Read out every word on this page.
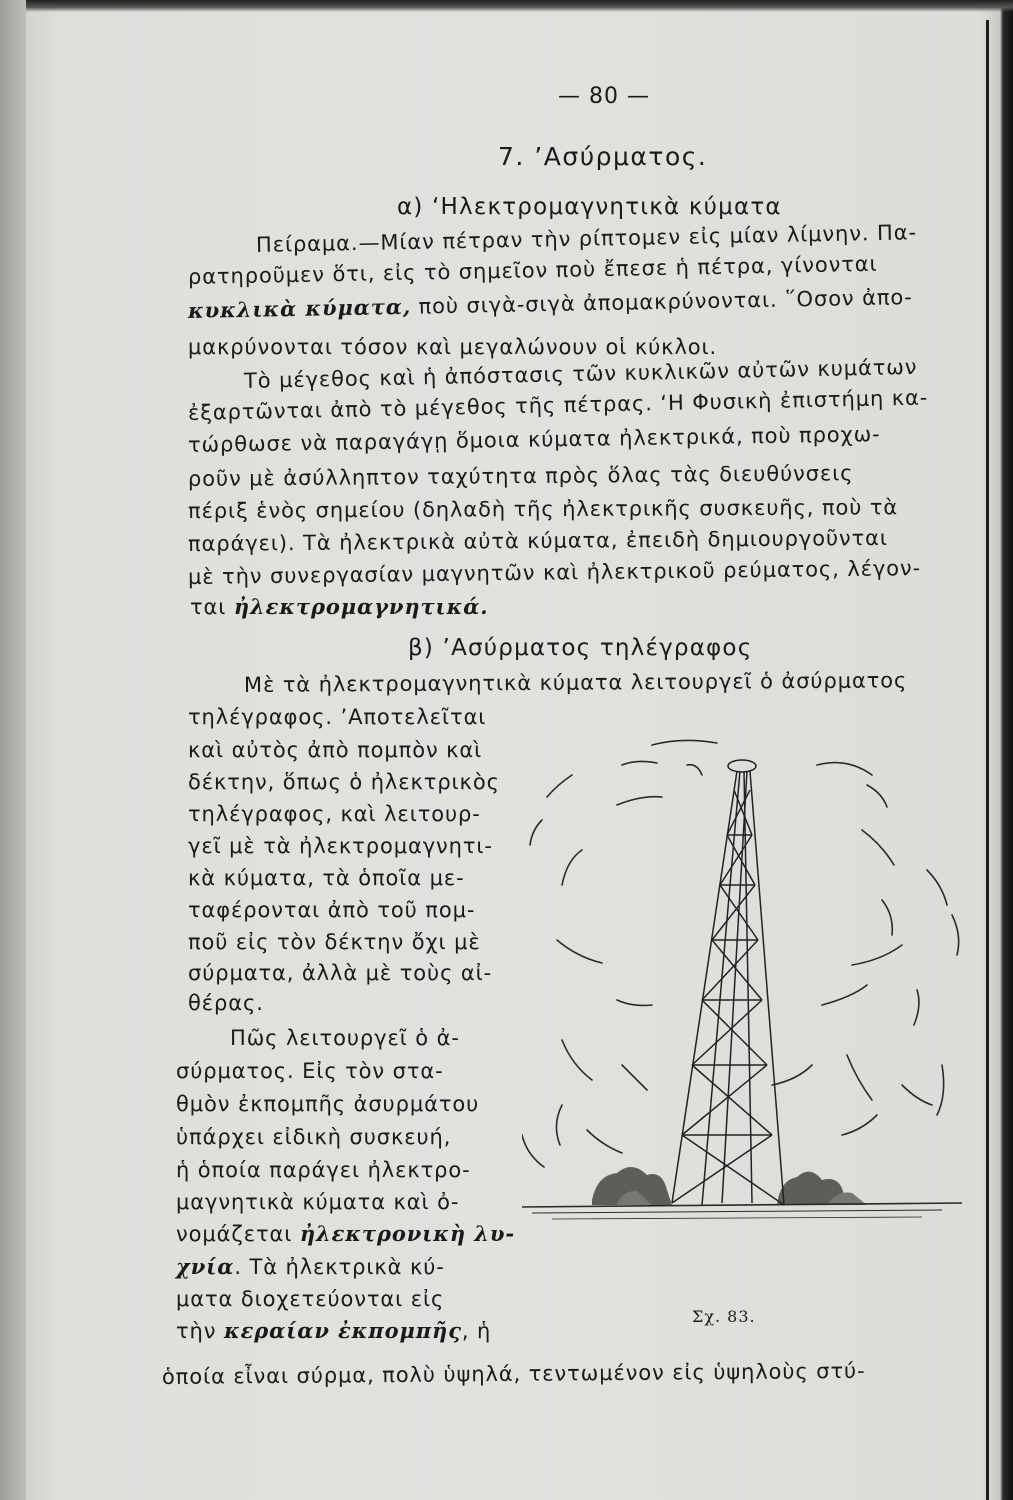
— 80 —
7. ’Ασύρματος.
α) ‘Ηλεκτρομαγνητικὰ κύματα
Πείραμα.—Μίαν πέτραν τὴν ρίπτομεν εἰς μίαν λίμνην. Πα-
ρατηροῦμεν ὅτι, εἰς τὸ σημεῖον ποὺ ἔπεσε ἡ πέτρα, γίνονται
κυκλικὰ κύματα, ποὺ σιγὰ-σιγὰ ἀπομακρύνονται. ῞Οσον ἀπο-
μακρύνονται τόσον καὶ μεγαλώνουν οἱ κύκλοι.
Τὸ μέγεθος καὶ ἡ ἀπόστασις τῶν κυκλικῶν αὐτῶν κυμάτων
ἐξαρτῶνται ἀπὸ τὸ μέγεθος τῆς πέτρας. ‘Η Φυσικὴ ἐπιστήμη κα-
τώρθωσε νὰ παραγάγῃ ὅμοια κύματα ἠλεκτρικά, ποὺ προχω-
ροῦν μὲ ἀσύλληπτον ταχύτητα πρὸς ὅλας τὰς διευθύνσεις
πέριξ ἑνὸς σημείου (δηλαδὴ τῆς ἠλεκτρικῆς συσκευῆς, ποὺ τὰ
παράγει). Τὰ ἠλεκτρικὰ αὐτὰ κύματα, ἐπειδὴ δημιουργοῦνται
μὲ τὴν συνεργασίαν μαγνητῶν καὶ ἠλεκτρικοῦ ρεύματος, λέγον-
ται ἠλεκτρομαγνητικά.
β) ’Ασύρματος τηλέγραφος
Μὲ τὰ ἠλεκτρομαγνητικὰ κύματα λειτουργεῖ ὁ ἀσύρματος
τηλέγραφος. ’Αποτελεῖται
καὶ αὐτὸς ἀπὸ πομπὸν καὶ
δέκτην, ὅπως ὁ ἠλεκτρικὸς
τηλέγραφος, καὶ λειτουρ-
γεῖ μὲ τὰ ἠλεκτρομαγνητι-
κὰ κύματα, τὰ ὁποῖα με-
ταφέρονται ἀπὸ τοῦ πομ-
ποῦ εἰς τὸν δέκτην ὄχι μὲ
σύρματα, ἀλλὰ μὲ τοὺς αἰ-
θέρας.
Πῶς λειτουργεῖ ὁ ἀ-
σύρματος. Εἰς τὸν στα-
θμὸν ἐκπομπῆς ἀσυρμάτου
ὑπάρχει εἰδικὴ συσκευή,
ἡ ὁποία παράγει ἠλεκτρο-
μαγνητικὰ κύματα καὶ ὀ-
νομάζεται ἠλεκτρονικὴ λυ-
χνία. Τὰ ἠλεκτρικὰ κύ-
ματα διοχετεύονται εἰς
τὴν κεραίαν ἐκπομπῆς, ἡ
ὁποία εἶναι σύρμα, πολὺ ὑψηλά, τεντωμένον εἰς ὑψηλοὺς στύ-
Σχ. 83.
